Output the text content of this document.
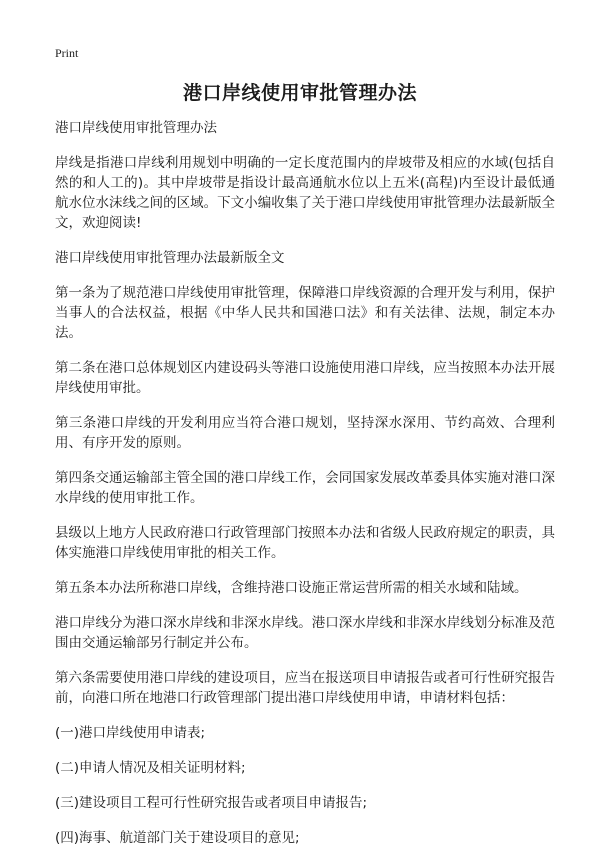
Print
港口岸线使用审批管理办法

港口岸线使用审批管理办法

岸线是指港口岸线利用规划中明确的一定长度范围内的岸坡带及相应的水域(包括自然的和人工的)。其中岸坡带是指设计最高通航水位以上五米(高程)内至设计最低通航水位水沫线之间的区域。下文小编收集了关于港口岸线使用审批管理办法最新版全文，欢迎阅读!

港口岸线使用审批管理办法最新版全文

第一条为了规范港口岸线使用审批管理，保障港口岸线资源的合理开发与利用，保护当事人的合法权益，根据《中华人民共和国港口法》和有关法律、法规，制定本办法。

第二条在港口总体规划区内建设码头等港口设施使用港口岸线，应当按照本办法开展岸线使用审批。

第三条港口岸线的开发利用应当符合港口规划，坚持深水深用、节约高效、合理利用、有序开发的原则。

第四条交通运输部主管全国的港口岸线工作，会同国家发展改革委具体实施对港口深水岸线的使用审批工作。

县级以上地方人民政府港口行政管理部门按照本办法和省级人民政府规定的职责，具体实施港口岸线使用审批的相关工作。

第五条本办法所称港口岸线，含维持港口设施正常运营所需的相关水域和陆域。

港口岸线分为港口深水岸线和非深水岸线。港口深水岸线和非深水岸线划分标准及范围由交通运输部另行制定并公布。

第六条需要使用港口岸线的建设项目，应当在报送项目申请报告或者可行性研究报告前，向港口所在地港口行政管理部门提出港口岸线使用申请，申请材料包括：

(一)港口岸线使用申请表;

(二)申请人情况及相关证明材料;

(三)建设项目工程可行性研究报告或者项目申请报告;

(四)海事、航道部门关于建设项目的意见;
